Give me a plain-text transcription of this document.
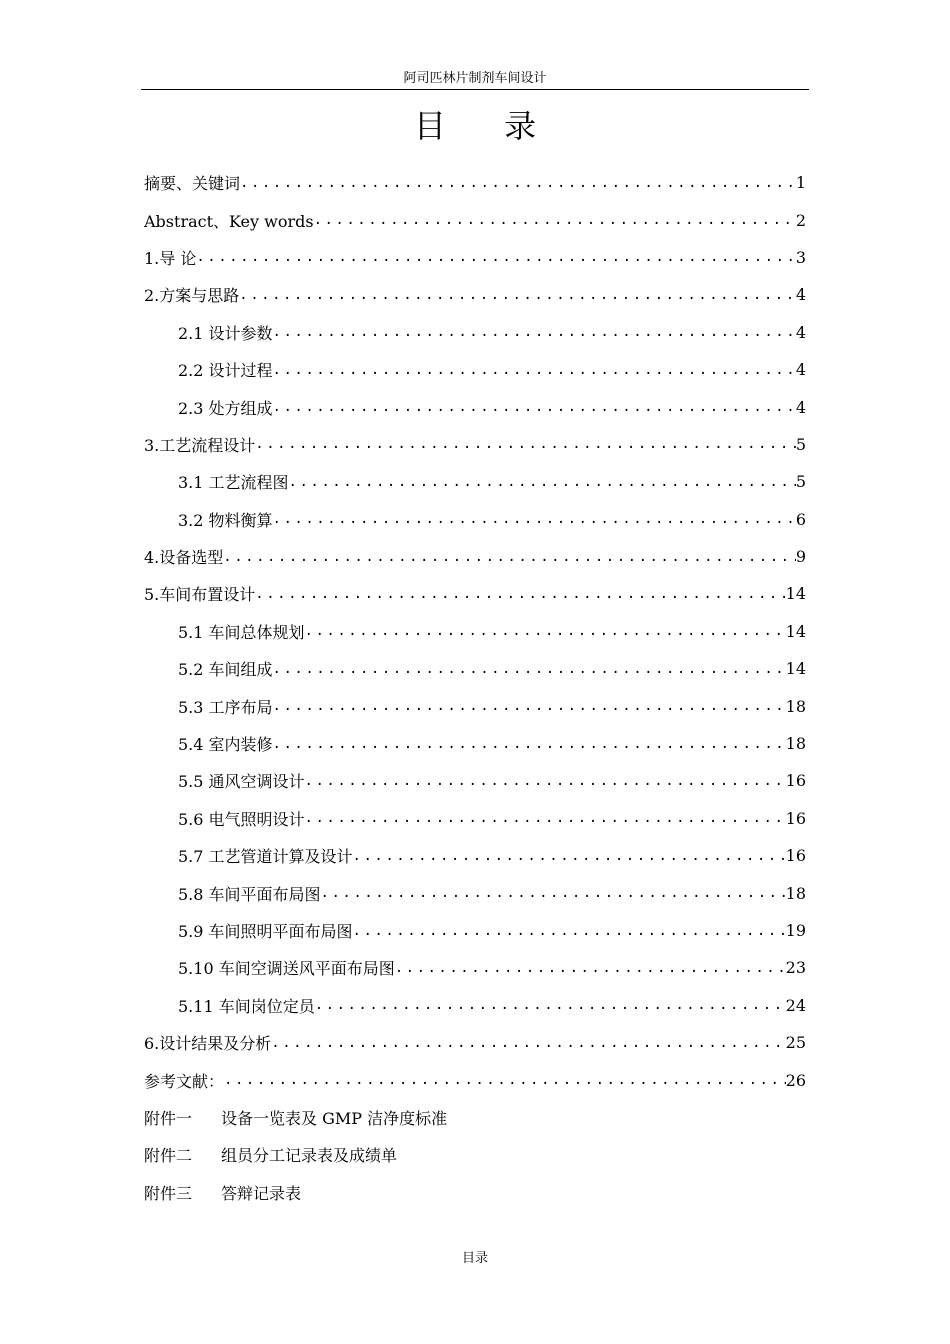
阿司匹林片制剂车间设计
目 录
摘要、关键词 .....	1
Abstract、Key words .....	2
1.导 论 .....	3
2.方案与思路 .....	4
2.1 设计参数 .....	4
2.2 设计过程 .....	4
2.3 处方组成 .....	4
3.工艺流程设计 .....	5
3.1 工艺流程图 .....	5
3.2 物料衡算 .....	6
4.设备选型 .....	9
5.车间布置设计 .....	14
5.1 车间总体规划 .....	14
5.2 车间组成 .....	14
5.3 工序布局 .....	18
5.4 室内装修 .....	18
5.5 通风空调设计 .....	16
5.6 电气照明设计 .....	16
5.7 工艺管道计算及设计 .....	16
5.8 车间平面布局图 .....	18
5.9 车间照明平面布局图 .....	19
5.10 车间空调送风平面布局图 .....	23
5.11 车间岗位定员 .....	24
6.设计结果及分析 .....	25
参考文献： .....	26
附件一	设备一览表及 GMP 洁净度标准
附件二	组员分工记录表及成绩单
附件三	答辩记录表
目录
